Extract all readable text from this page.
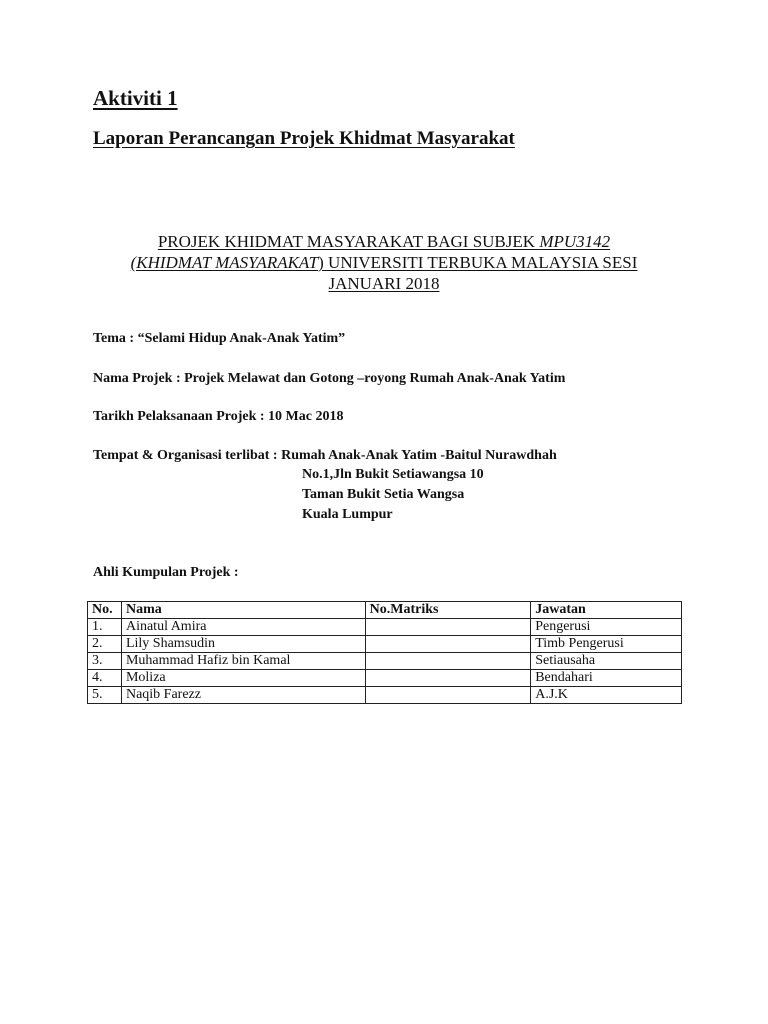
Aktiviti 1
Laporan Perancangan Projek Khidmat Masyarakat
PROJEK KHIDMAT MASYARAKAT BAGI SUBJEK MPU3142
(KHIDMAT MASYARAKAT) UNIVERSITI TERBUKA MALAYSIA SESI
JANUARI 2018
Tema : “Selami Hidup Anak-Anak Yatim”
Nama Projek : Projek Melawat dan Gotong –royong Rumah Anak-Anak Yatim
Tarikh Pelaksanaan Projek : 10 Mac 2018
Tempat & Organisasi terlibat : Rumah Anak-Anak Yatim -Baitul Nurawdhah
No.1,Jln Bukit Setiawangsa 10
Taman Bukit Setia Wangsa
Kuala Lumpur
Ahli Kumpulan Projek :
No.	Nama	No.Matriks	Jawatan
1.	Ainatul Amira		Pengerusi
2.	Lily Shamsudin		Timb Pengerusi
3.	Muhammad Hafiz bin Kamal		Setiausaha
4.	Moliza		Bendahari
5.	Naqib Farezz		A.J.K
